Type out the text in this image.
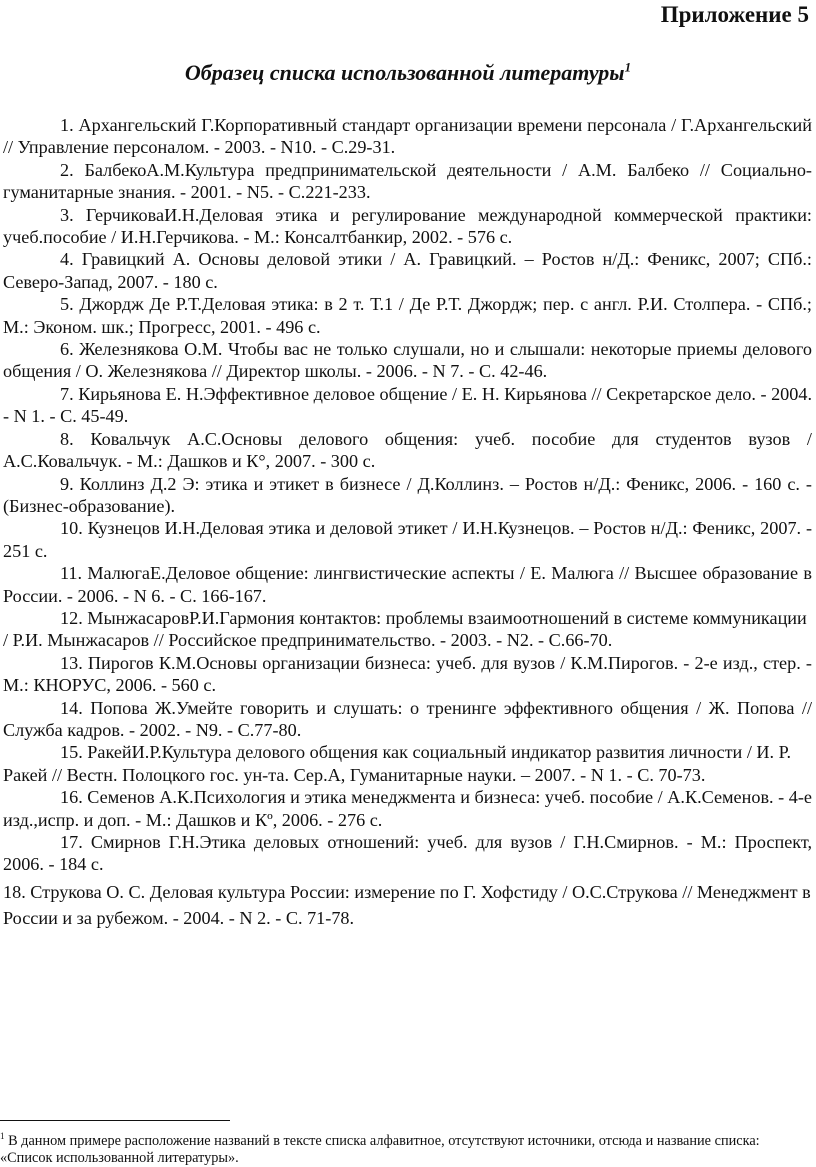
Приложение 5
Образец списка использованной литературы$^1$

1. Архангельский Г.Корпоративный стандарт организации времени персонала / Г.Архангельский // Управление персоналом. - 2003. - N10. - С.29-31.

2. БалбекоА.М.Культура предпринимательской деятельности / А.М. Балбеко // Социально-гуманитарные знания. - 2001. - N5. - С.221-233.

3. ГерчиковаИ.Н.Деловая этика и регулирование международной коммерческой практики: учеб.пособие / И.Н.Герчикова. - М.: Консалтбанкир, 2002. - 576 с.

4. Гравицкий А. Основы деловой этики / А. Гравицкий. – Ростов н/Д.: Феникс, 2007; СПб.: Северо-Запад, 2007. - 180 с.

5. Джордж Де Р.Т.Деловая этика: в 2 т. Т.1 / Де Р.Т. Джордж; пер. с англ. Р.И. Столпера. - СПб.; М.: Эконом. шк.; Прогресс, 2001. - 496 с.

6. Железнякова О.М. Чтобы вас не только слушали, но и слышали: некоторые приемы делового общения / О. Железнякова // Директор школы. - 2006. - N 7. - С. 42-46.

7. Кирьянова Е. Н.Эффективное деловое общение / Е. Н. Кирьянова // Секретарское дело. - 2004. - N 1. - С. 45-49.

8. Ковальчук А.С.Основы делового общения: учеб. пособие для студентов вузов / А.С.Ковальчук. - М.: Дашков и К°, 2007. - 300 с.

9. Коллинз Д.2 Э: этика и этикет в бизнесе / Д.Коллинз. – Ростов н/Д.: Феникс, 2006. - 160 с. - (Бизнес-образование).

10. Кузнецов И.Н.Деловая этика и деловой этикет / И.Н.Кузнецов. – Ростов н/Д.: Феникс, 2007. - 251 с.

11. МалюгаЕ.Деловое общение: лингвистические аспекты / Е. Малюга // Высшее образование в России. - 2006. - N 6. - С. 166-167.

12. МынжасаровР.И.Гармония контактов: проблемы взаимоотношений в системе коммуникации / Р.И. Мынжасаров // Российское предпринимательство. - 2003. - N2. - С.66-70.

13. Пирогов К.М.Основы организации бизнеса: учеб. для вузов / К.М.Пирогов. - 2-е изд., стер. - М.: КНОРУС, 2006. - 560 с.

14. Попова Ж.Умейте говорить и слушать: о тренинге эффективного общения / Ж. Попова // Служба кадров. - 2002. - N9. - С.77-80.

15. РакейИ.Р.Культура делового общения как социальный индикатор развития личности / И. Р. Ракей // Вестн. Полоцкого гос. ун-та. Сер.А, Гуманитарные науки. – 2007. - N 1. - С. 70-73.

16. Семенов А.К.Психология и этика менеджмента и бизнеса: учеб. пособие / А.К.Семенов. - 4-е изд.,испр. и доп. - М.: Дашков и Кº, 2006. - 276 с.

17. Смирнов Г.Н.Этика деловых отношений: учеб. для вузов / Г.Н.Смирнов. - М.: Проспект, 2006. - 184 с.

18. Струкова О. С. Деловая культура России: измерение по Г. Хофстиду / О.С.Струкова // Менеджмент в России и за рубежом. - 2004. - N 2. - С. 71-78.

$^1$ В данном примере расположение названий в тексте списка алфавитное, отсутствуют источники, отсюда и название списка: «Список использованной литературы».
